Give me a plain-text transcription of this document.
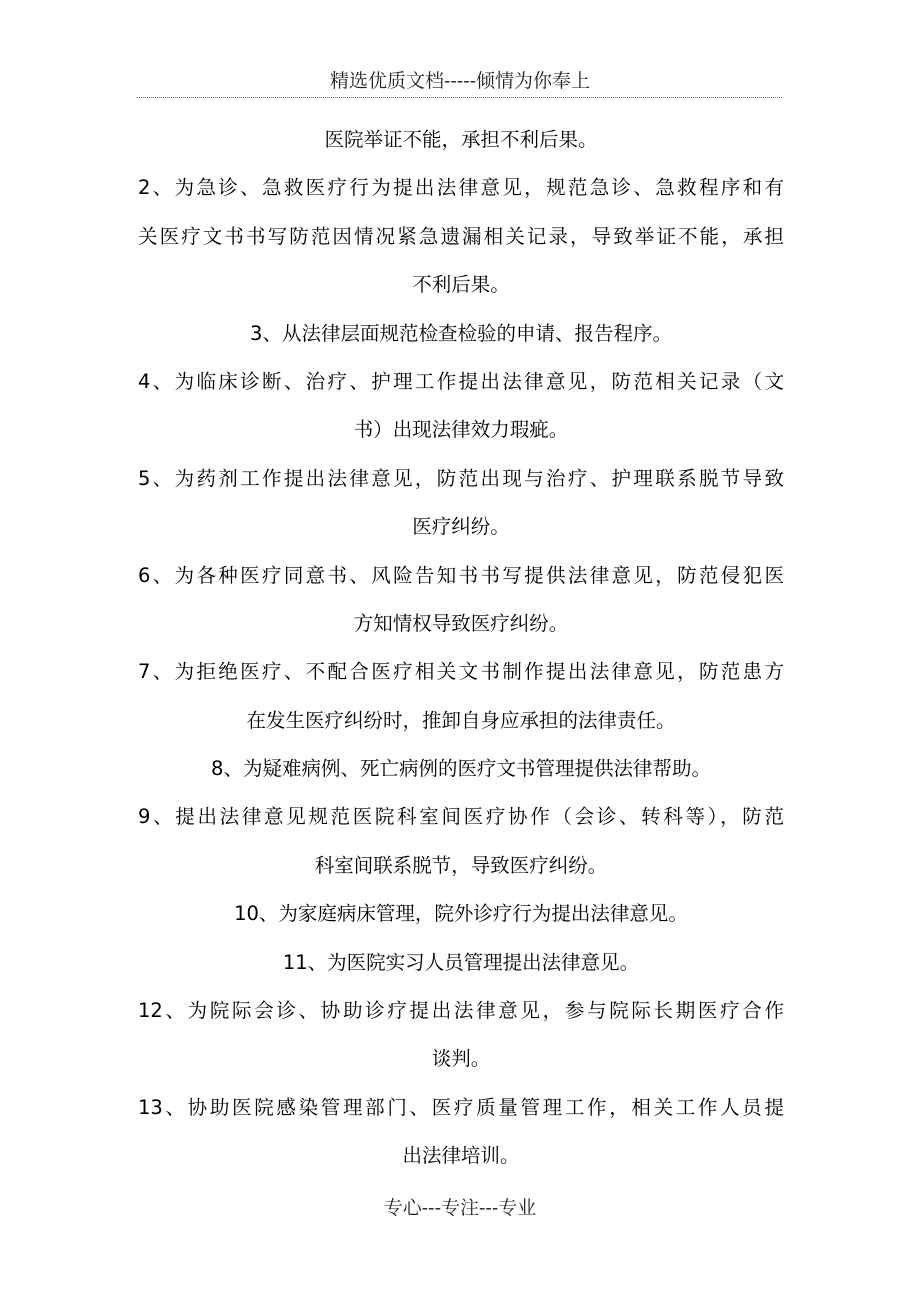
精选优质文档-----倾情为你奉上
医院举证不能，承担不利后果。
2、为急诊、急救医疗行为提出法律意见，规范急诊、急救程序和有
关医疗文书书写防范因情况紧急遗漏相关记录，导致举证不能，承担
不利后果。
3、从法律层面规范检查检验的申请、报告程序。
4、为临床诊断、治疗、护理工作提出法律意见，防范相关记录（文
书）出现法律效力瑕疵。
5、为药剂工作提出法律意见，防范出现与治疗、护理联系脱节导致
医疗纠纷。
6、为各种医疗同意书、风险告知书书写提供法律意见，防范侵犯医
方知情权导致医疗纠纷。
7、为拒绝医疗、不配合医疗相关文书制作提出法律意见，防范患方
在发生医疗纠纷时，推卸自身应承担的法律责任。
8、为疑难病例、死亡病例的医疗文书管理提供法律帮助。
9、提出法律意见规范医院科室间医疗协作（会诊、转科等），防范
科室间联系脱节，导致医疗纠纷。
10、为家庭病床管理，院外诊疗行为提出法律意见。
11、为医院实习人员管理提出法律意见。
12、为院际会诊、协助诊疗提出法律意见，参与院际长期医疗合作
谈判。
13、协助医院感染管理部门、医疗质量管理工作，相关工作人员提
出法律培训。
专心---专注---专业
